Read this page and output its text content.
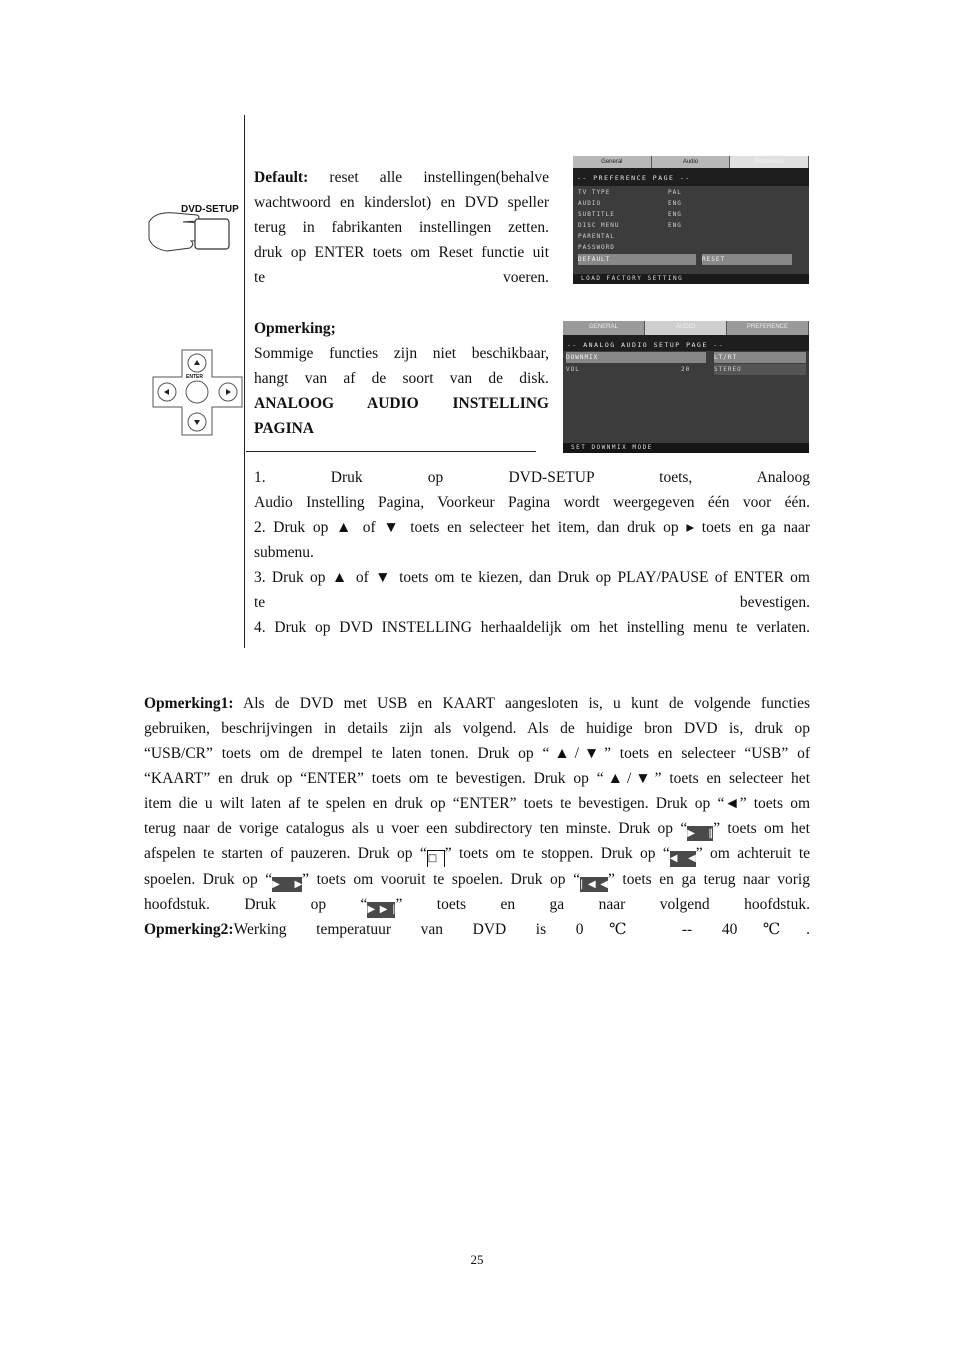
DVD-SETUP
ENTER
Default: reset alle instellingen(behalve
wachtwoord en kinderslot) en DVD speller
terug in fabrikanten instellingen zetten.
druk op ENTER toets om Reset functie uit
te voeren.
Opmerking;
Sommige functies zijn niet beschikbaar,
hangt van af de soort van de disk.
ANALOOG AUDIO INSTELLING
PAGINA
General	Audio	Preference
-- PREFERENCE PAGE --
TV TYPE	PAL
AUDIO	ENG
SUBTITLE	ENG
DISC MENU	ENG
PARENTAL
PASSWORD
DEFAULT	RESET
LOAD FACTORY SETTING
GENERAL	AUDIO	PREFERENCE
-- ANALOG AUDIO SETUP PAGE --
DOWNMIX	LT/RT
VOL	20	STEREO
SET DOWNMIX MODE
1. Druk op DVD-SETUP toets, Analoog
Audio Instelling Pagina, Voorkeur Pagina wordt weergegeven één voor één.
2. Druk op ▲ of ▼ toets en selecteer het item, dan druk op ▸ toets en ga naar
submenu.
3. Druk op ▲ of ▼ toets om te kiezen, dan Druk op PLAY/PAUSE of ENTER om
te bevestigen.
4. Druk op DVD INSTELLING herhaaldelijk om het instelling menu te verlaten.
Opmerking1: Als de DVD met USB en KAART aangesloten is, u kunt de volgende functies
gebruiken, beschrijvingen in details zijn als volgend. Als de huidige bron DVD is, druk op
“USB/CR” toets om de drempel te laten tonen. Druk op “▲/▼” toets en selecteer “USB” of
“KAART” en druk op “ENTER” toets om te bevestigen. Druk op “▲/▼” toets en selecteer het
item die u wilt laten af te spelen en druk op “ENTER” toets te bevestigen. Druk op “◄” toets om
terug naar de vorige catalogus als u voer een subdirectory ten minste. Druk op “▶‖” toets om het
afspelen te starten of pauzeren. Druk op “□ ” toets om te stoppen. Druk op “◀◀” om achteruit te
spoelen. Druk op “▶▶” toets om vooruit te spoelen. Druk op “|◀◀” toets en ga terug naar vorig
hoofdstuk. Druk op “▶▶|” toets en ga naar volgend hoofdstuk.
Opmerking2:Werking temperatuur van DVD is 0℃ -- 40℃.
25
